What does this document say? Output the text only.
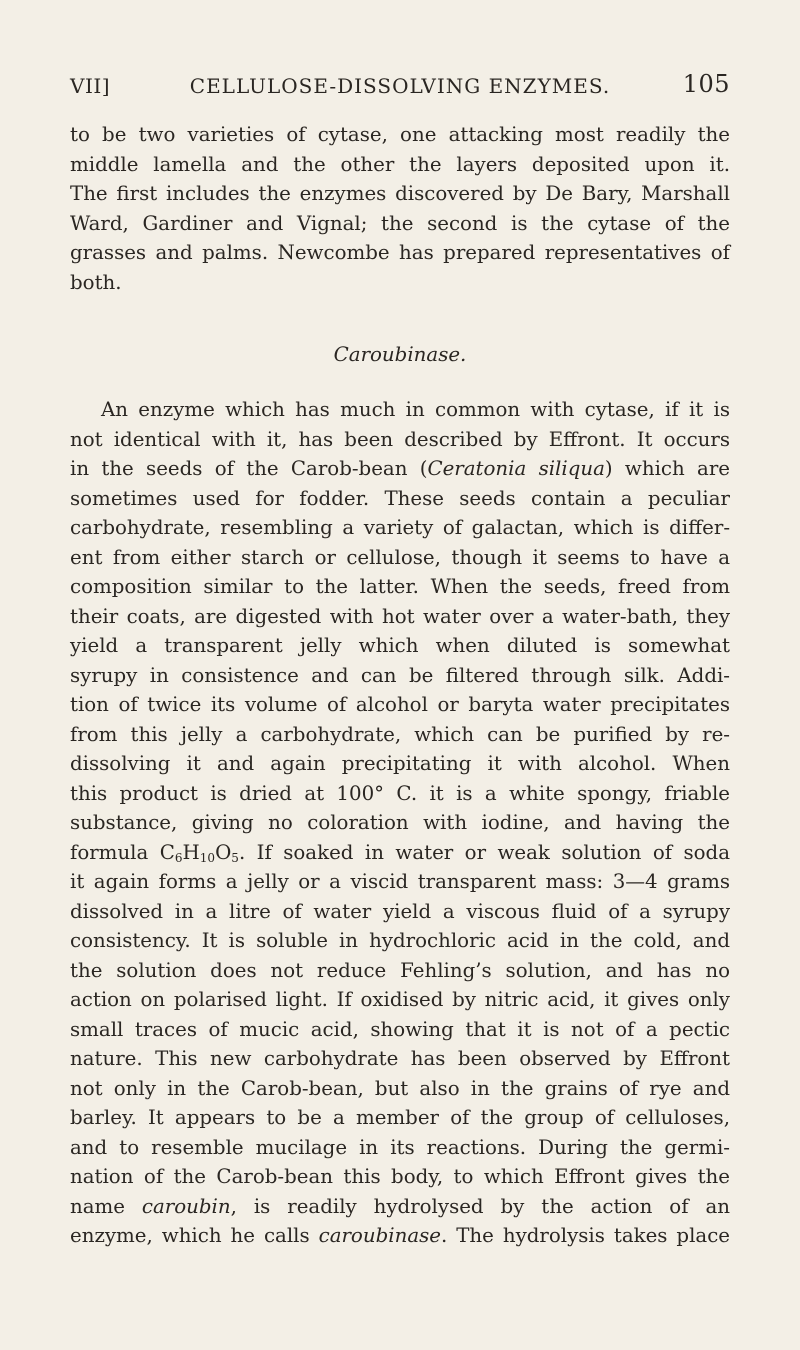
VII]	CELLULOSE-DISSOLVING ENZYMES.	105
to be two varieties of cytase, one attacking most readily the
middle lamella and the other the layers deposited upon it.
The first includes the enzymes discovered by De Bary, Marshall
Ward, Gardiner and Vignal; the second is the cytase of the
grasses and palms. Newcombe has prepared representatives of
both.
Caroubinase.
An enzyme which has much in common with cytase, if it is
not identical with it, has been described by Effront. It occurs
in the seeds of the Carob-bean (Ceratonia siliqua) which are
sometimes used for fodder. These seeds contain a peculiar
carbohydrate, resembling a variety of galactan, which is differ-
ent from either starch or cellulose, though it seems to have a
composition similar to the latter. When the seeds, freed from
their coats, are digested with hot water over a water-bath, they
yield a transparent jelly which when diluted is somewhat
syrupy in consistence and can be filtered through silk. Addi-
tion of twice its volume of alcohol or baryta water precipitates
from this jelly a carbohydrate, which can be purified by re-
dissolving it and again precipitating it with alcohol. When
this product is dried at 100° C. it is a white spongy, friable
substance, giving no coloration with iodine, and having the
formula $C_6H_{10}O_5$. If soaked in water or weak solution of soda
it again forms a jelly or a viscid transparent mass: 3—4 grams
dissolved in a litre of water yield a viscous fluid of a syrupy
consistency. It is soluble in hydrochloric acid in the cold, and
the solution does not reduce Fehling’s solution, and has no
action on polarised light. If oxidised by nitric acid, it gives only
small traces of mucic acid, showing that it is not of a pectic
nature. This new carbohydrate has been observed by Effront
not only in the Carob-bean, but also in the grains of rye and
barley. It appears to be a member of the group of celluloses,
and to resemble mucilage in its reactions. During the germi-
nation of the Carob-bean this body, to which Effront gives the
name caroubin, is readily hydrolysed by the action of an
enzyme, which he calls caroubinase. The hydrolysis takes place
